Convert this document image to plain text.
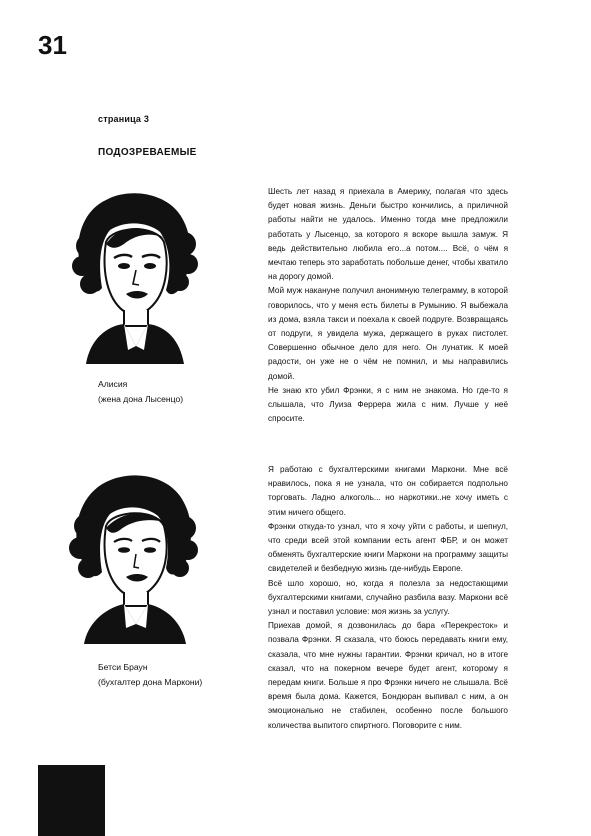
31
страница 3
ПОДОЗРЕВАЕМЫЕ
Алисия
(жена дона Лысенцо)

Шесть лет назад я приехала в Америку, полагая что здесь будет новая жизнь. Деньги быстро кончились, а приличной работы найти не удалось. Именно тогда мне предложили работать у Лысенцо, за которого я вскоре вышла замуж. Я ведь действительно любила его...а потом.... Всё, о чём я мечтаю теперь это заработать побольше денег, чтобы хватило на дорогу домой.

Мой муж накануне получил анонимную телеграмму, в которой говорилось, что у меня есть билеты в Румынию. Я выбежала из дома, взяла такси и поехала к своей подруге. Возвращаясь от подруги, я увидела мужа, держащего в руках пистолет. Совершенно обычное дело для него. Он лунатик. К моей радости, он уже не о чём не помнил, и мы направились домой.

Не знаю кто убил Фрэнки, я с ним не знакома. Но где-то я слышала, что Луиза Феррера жила с ним. Лучше у неё спросите.

Бетси Браун
(бухгалтер дона Маркони)

Я работаю с бухгалтерскими книгами Маркони. Мне всё нравилось, пока я не узнала, что он собирается подпольно торговать. Ладно алкоголь... но наркотики..не хочу иметь с этим ничего общего.

Фрэнки откуда-то узнал, что я хочу уйти с работы, и шепнул, что среди всей этой компании есть агент ФБР, и он может обменять бухгалтерские книги Маркони на программу защиты свидетелей и безбедную жизнь где-нибудь Европе.

Всё шло хорошо, но, когда я полезла за недостающими бухгалтерскими книгами, случайно разбила вазу. Маркони всё узнал и поставил условие: моя жизнь за услугу.

Приехав домой, я дозвонилась до бара «Перекресток» и позвала Фрэнки. Я сказала, что боюсь передавать книги ему, сказала, что мне нужны гарантии. Фрэнки кричал, но в итоге сказал, что на покерном вечере будет агент, которому я передам книги. Больше я про Фрэнки ничего не слышала. Всё время была дома. Кажется, Бондюран выпивал с ним, а он эмоционально не стабилен, особенно после большого количества выпитого спиртного. Поговорите с ним.
